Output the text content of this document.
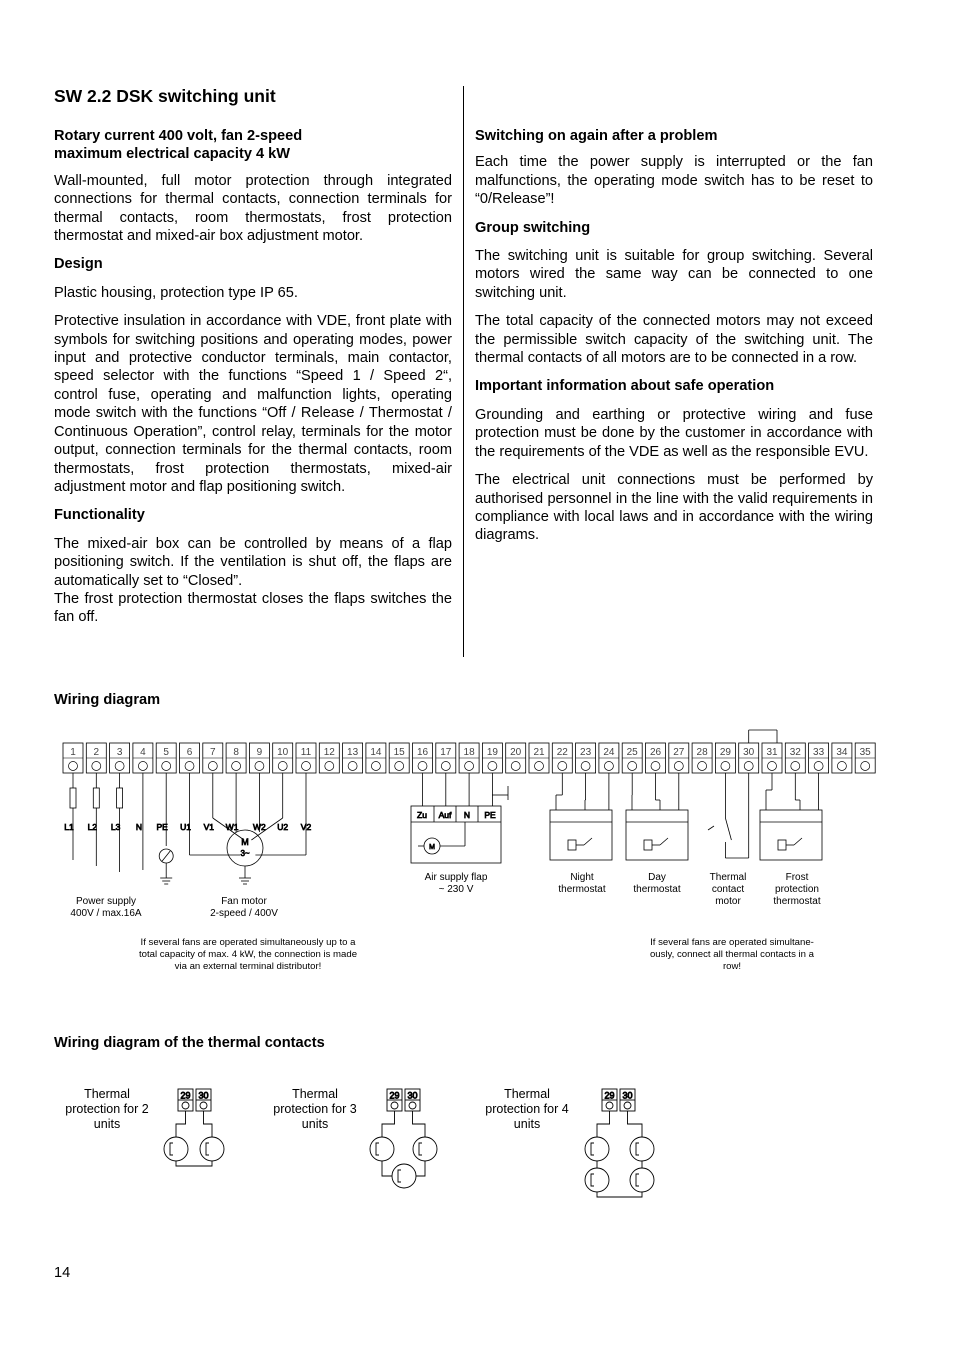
SW 2.2 DSK switching unit
Rotary current 400 volt, fan 2-speed
maximum electrical capacity 4 kW

Wall-mounted, full motor protection through integrated connections for thermal contacts, connection terminals for thermal contacts, room thermostats, frost protection thermostat and mixed-air box adjustment motor.

Design

Plastic housing, protection type IP 65.

Protective insulation in accordance with VDE, front plate with symbols for switching positions and operating modes, power input and protective conductor terminals, main contactor, speed selector with the functions “Speed 1 / Speed 2“, control fuse, operating and malfunction lights, operating mode switch with the functions “Off / Release / Thermostat / Continuous Operation”, control relay, terminals for the motor output, connection terminals for the thermal contacts, room thermostats, frost protection thermostats, mixed-air adjustment motor and flap positioning switch.

Functionality

The mixed-air box can be controlled by means of a flap positioning switch. If the ventilation is shut off, the flaps are automatically set to “Closed”.

The frost protection thermostat closes the flaps switches the fan off.

Switching on again after a problem

Each time the power supply is interrupted or the fan malfunctions, the operating mode switch has to be reset to “0/Release”!

Group switching

The switching unit is suitable for group switching. Several motors wired the same way can be connected to one switching unit.

The total capacity of the connected motors may not exceed the permissible switch capacity of the switching unit. The thermal contacts of all motors are to be connected in a row.

Important information about safe operation

Grounding and earthing or protective wiring and fuse protection must be done by the customer in accordance with the requirements of the VDE as well as the responsible EVU.

The electrical unit connections must be performed by authorised personnel in the line with the valid requirements in compliance with local laws and in accordance with the wiring diagrams.

Wiring diagram
1 2 3 4 5 6 7 8 9 10 11 12 13 14 15 16 17 18 19 20 21 22 23 24 25 26 27 28 29 30 31 32 33 34 35
L1 L2 L3 N PE
M
3~
U1 V1 W1 W2 U2 V2
Zu Auf N PE
M
29 30	29 30	29 30
Power supply
400V / max.16A
Fan motor
2-speed / 400V
Air supply flap
~ 230 V
Night
thermostat
Day
thermostat
Thermal
contact
motor
Frost
protection
thermostat
If several fans are operated simultaneously up to a
total capacity of max. 4 kW, the connection is made
via an external terminal distributor!
If several fans are operated simultane-
ously, connect all thermal contacts in a
row!
Wiring diagram of the thermal contacts
Thermal
protection for 2
units
Thermal
protection for 3
units
Thermal
protection for 4
units
14
